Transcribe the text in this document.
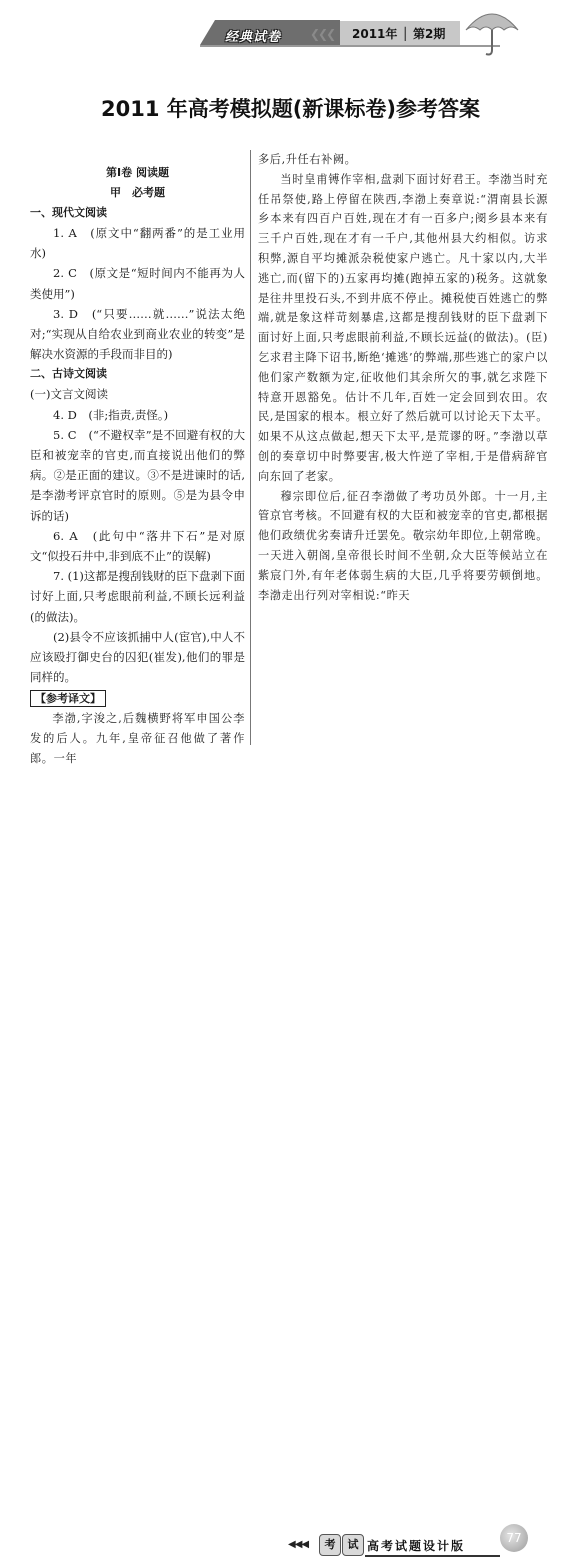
经典试卷 ❮❮❮ 2011年 │ 第2期
2011 年高考模拟题(新课标卷)参考答案

第Ⅰ卷 阅读题

甲　必考题

一、现代文阅读

1. A　(原文中“翻两番”的是工业用水)

2. C　(原文是“短时间内不能再为人类使用”)

3. D　(“只要……就……”说法太绝对;“实现从自给农业到商业农业的转变”是解决水资源的手段而非目的)

二、古诗文阅读

(一)文言文阅读

4. D　(非;指责,责怪。)

5. C　(“不避权幸”是不回避有权的大臣和被宠幸的官吏,而直接说出他们的弊病。②是正面的建议。③不是进谏时的话,是李渤考评京官时的原则。⑤是为县令申诉的话)

6. A　(此句中“落井下石”是对原文“似投石井中,非到底不止”的误解)

7. (1)这都是搜刮钱财的臣下盘剥下面讨好上面,只考虑眼前利益,不顾长远利益(的做法)。

(2)县令不应该抓捕中人(宦官),中人不应该殴打御史台的囚犯(崔发),他们的罪是同样的。

【参考译文】

李渤,字浚之,后魏横野将军申国公李发的后人。九年,皇帝征召他做了著作郎。一年

多后,升任右补阙。

当时皇甫镈作宰相,盘剥下面讨好君王。李渤当时充任吊祭使,路上停留在陕西,李渤上奏章说:“渭南县长源乡本来有四百户百姓,现在才有一百多户;阌乡县本来有三千户百姓,现在才有一千户,其他州县大约相似。访求积弊,源自平均摊派杂税使家户逃亡。凡十家以内,大半逃亡,而(留下的)五家再均摊(跑掉五家的)税务。这就象是往井里投石头,不到井底不停止。摊税使百姓逃亡的弊端,就是象这样苛刻暴虐,这都是搜刮钱财的臣下盘剥下面讨好上面,只考虑眼前利益,不顾长远益(的做法)。(臣)乞求君主降下诏书,断绝‘摊逃’的弊端,那些逃亡的家户以他们家产数额为定,征收他们其余所欠的事,就乞求陛下特意开恩豁免。估计不几年,百姓一定会回到农田。农民,是国家的根本。根立好了然后就可以讨论天下太平。如果不从这点做起,想天下太平,是荒谬的呀。”李渤以草创的奏章切中时弊要害,极大忤逆了宰相,于是借病辞官向东回了老家。

穆宗即位后,征召李渤做了考功员外郎。十一月,主管京官考核。不回避有权的大臣和被宠幸的官吏,都根据他们政绩优劣奏请升迁罢免。敬宗幼年即位,上朝常晚。一天进入朝阁,皇帝很长时间不坐朝,众大臣等候站立在紫宸门外,有年老体弱生病的大臣,几乎将要劳顿倒地。李渤走出行列对宰相说:“昨天

◀◀◀	考	试 高考试题设计版
77
